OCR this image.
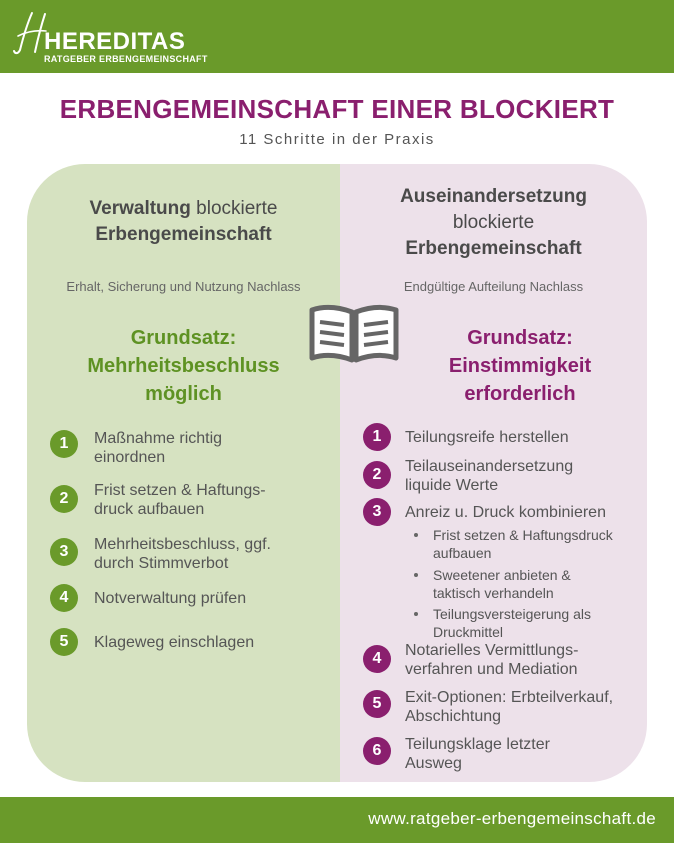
HEREDITAS
RATGEBER ERBENGEMEINSCHAFT
ERBENGEMEINSCHAFT EINER BLOCKIERT
11 Schritte in der Praxis
Verwaltung blockierte
Erbengemeinschaft
Erhalt, Sicherung und Nutzung Nachlass
Grundsatz:
Mehrheitsbeschluss
möglich
Auseinandersetzung
blockierte
Erbengemeinschaft
Endgültige Aufteilung Nachlass
Grundsatz:
Einstimmigkeit
erforderlich
1	Maßnahme richtig
einordnen
2	Frist setzen & Haftungs-
druck aufbauen
3	Mehrheitsbeschluss, ggf.
durch Stimmverbot
4	Notverwaltung prüfen
5	Klageweg einschlagen
1	Teilungsreife herstellen
2	Teilauseinandersetzung
liquide Werte
3	Anreiz u. Druck kombinieren
Frist setzen & Haftungsdruck
aufbauen
Sweetener anbieten &
taktisch verhandeln
Teilungsversteigerung als
Druckmittel
4	Notarielles Vermittlungs-
verfahren und Mediation
5	Exit-Optionen: Erbteilverkauf,
Abschichtung
6	Teilungsklage letzter
Ausweg
www.ratgeber-erbengemeinschaft.de
